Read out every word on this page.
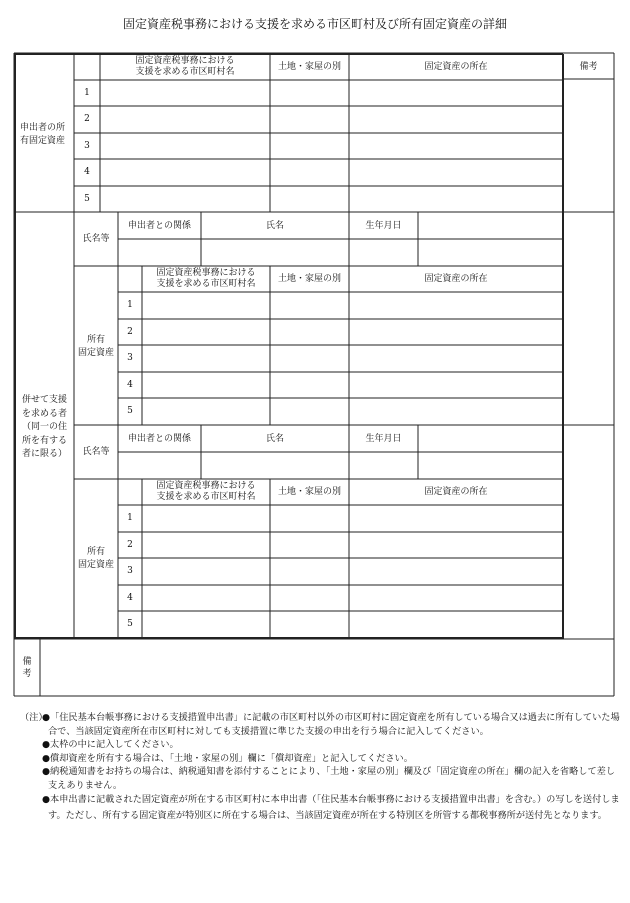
固定資産税事務における支援を求める市区町村及び所有固定資産の詳細
固定資産税事務における
支援を求める市区町村名	土地・家屋の別	固定資産の所在	備考
申出者の所
有固定資産
1
2
3
4
5
併せて支援
を求める者
（同一の住
所を有する
者に限る）
氏名等
申出者との関係	氏名	生年月日
固定資産税事務における
支援を求める市区町村名	土地・家屋の別	固定資産の所在
所有
固定資産
1
2
3
4
5
氏名等
申出者との関係	氏名	生年月日
固定資産税事務における
支援を求める市区町村名	土地・家屋の別	固定資産の所在
所有
固定資産
1
2
3
4
5
備
考
（注）
●「住民基本台帳事務における支援措置申出書」に記載の市区町村以外の市区町村に固定資産を所有している場合又は過去に所有していた場合で、当該固定資産所在市区町村に対しても支援措置に準じた支援の申出を行う場合に記入してください。
●太枠の中に記入してください。
●償却資産を所有する場合は、「土地・家屋の別」欄に「償却資産」と記入してください。
●納税通知書をお持ちの場合は、納税通知書を添付することにより、「土地・家屋の別」欄及び「固定資産の所在」欄の記入を省略して差し支えありません。
●本申出書に記載された固定資産が所在する市区町村に本申出書（「住民基本台帳事務における支援措置申出書」を含む。）の写しを送付します。ただし、所有する固定資産が特別区に所在する場合は、当該固定資産が所在する特別区を所管する都税事務所が送付先となります。
